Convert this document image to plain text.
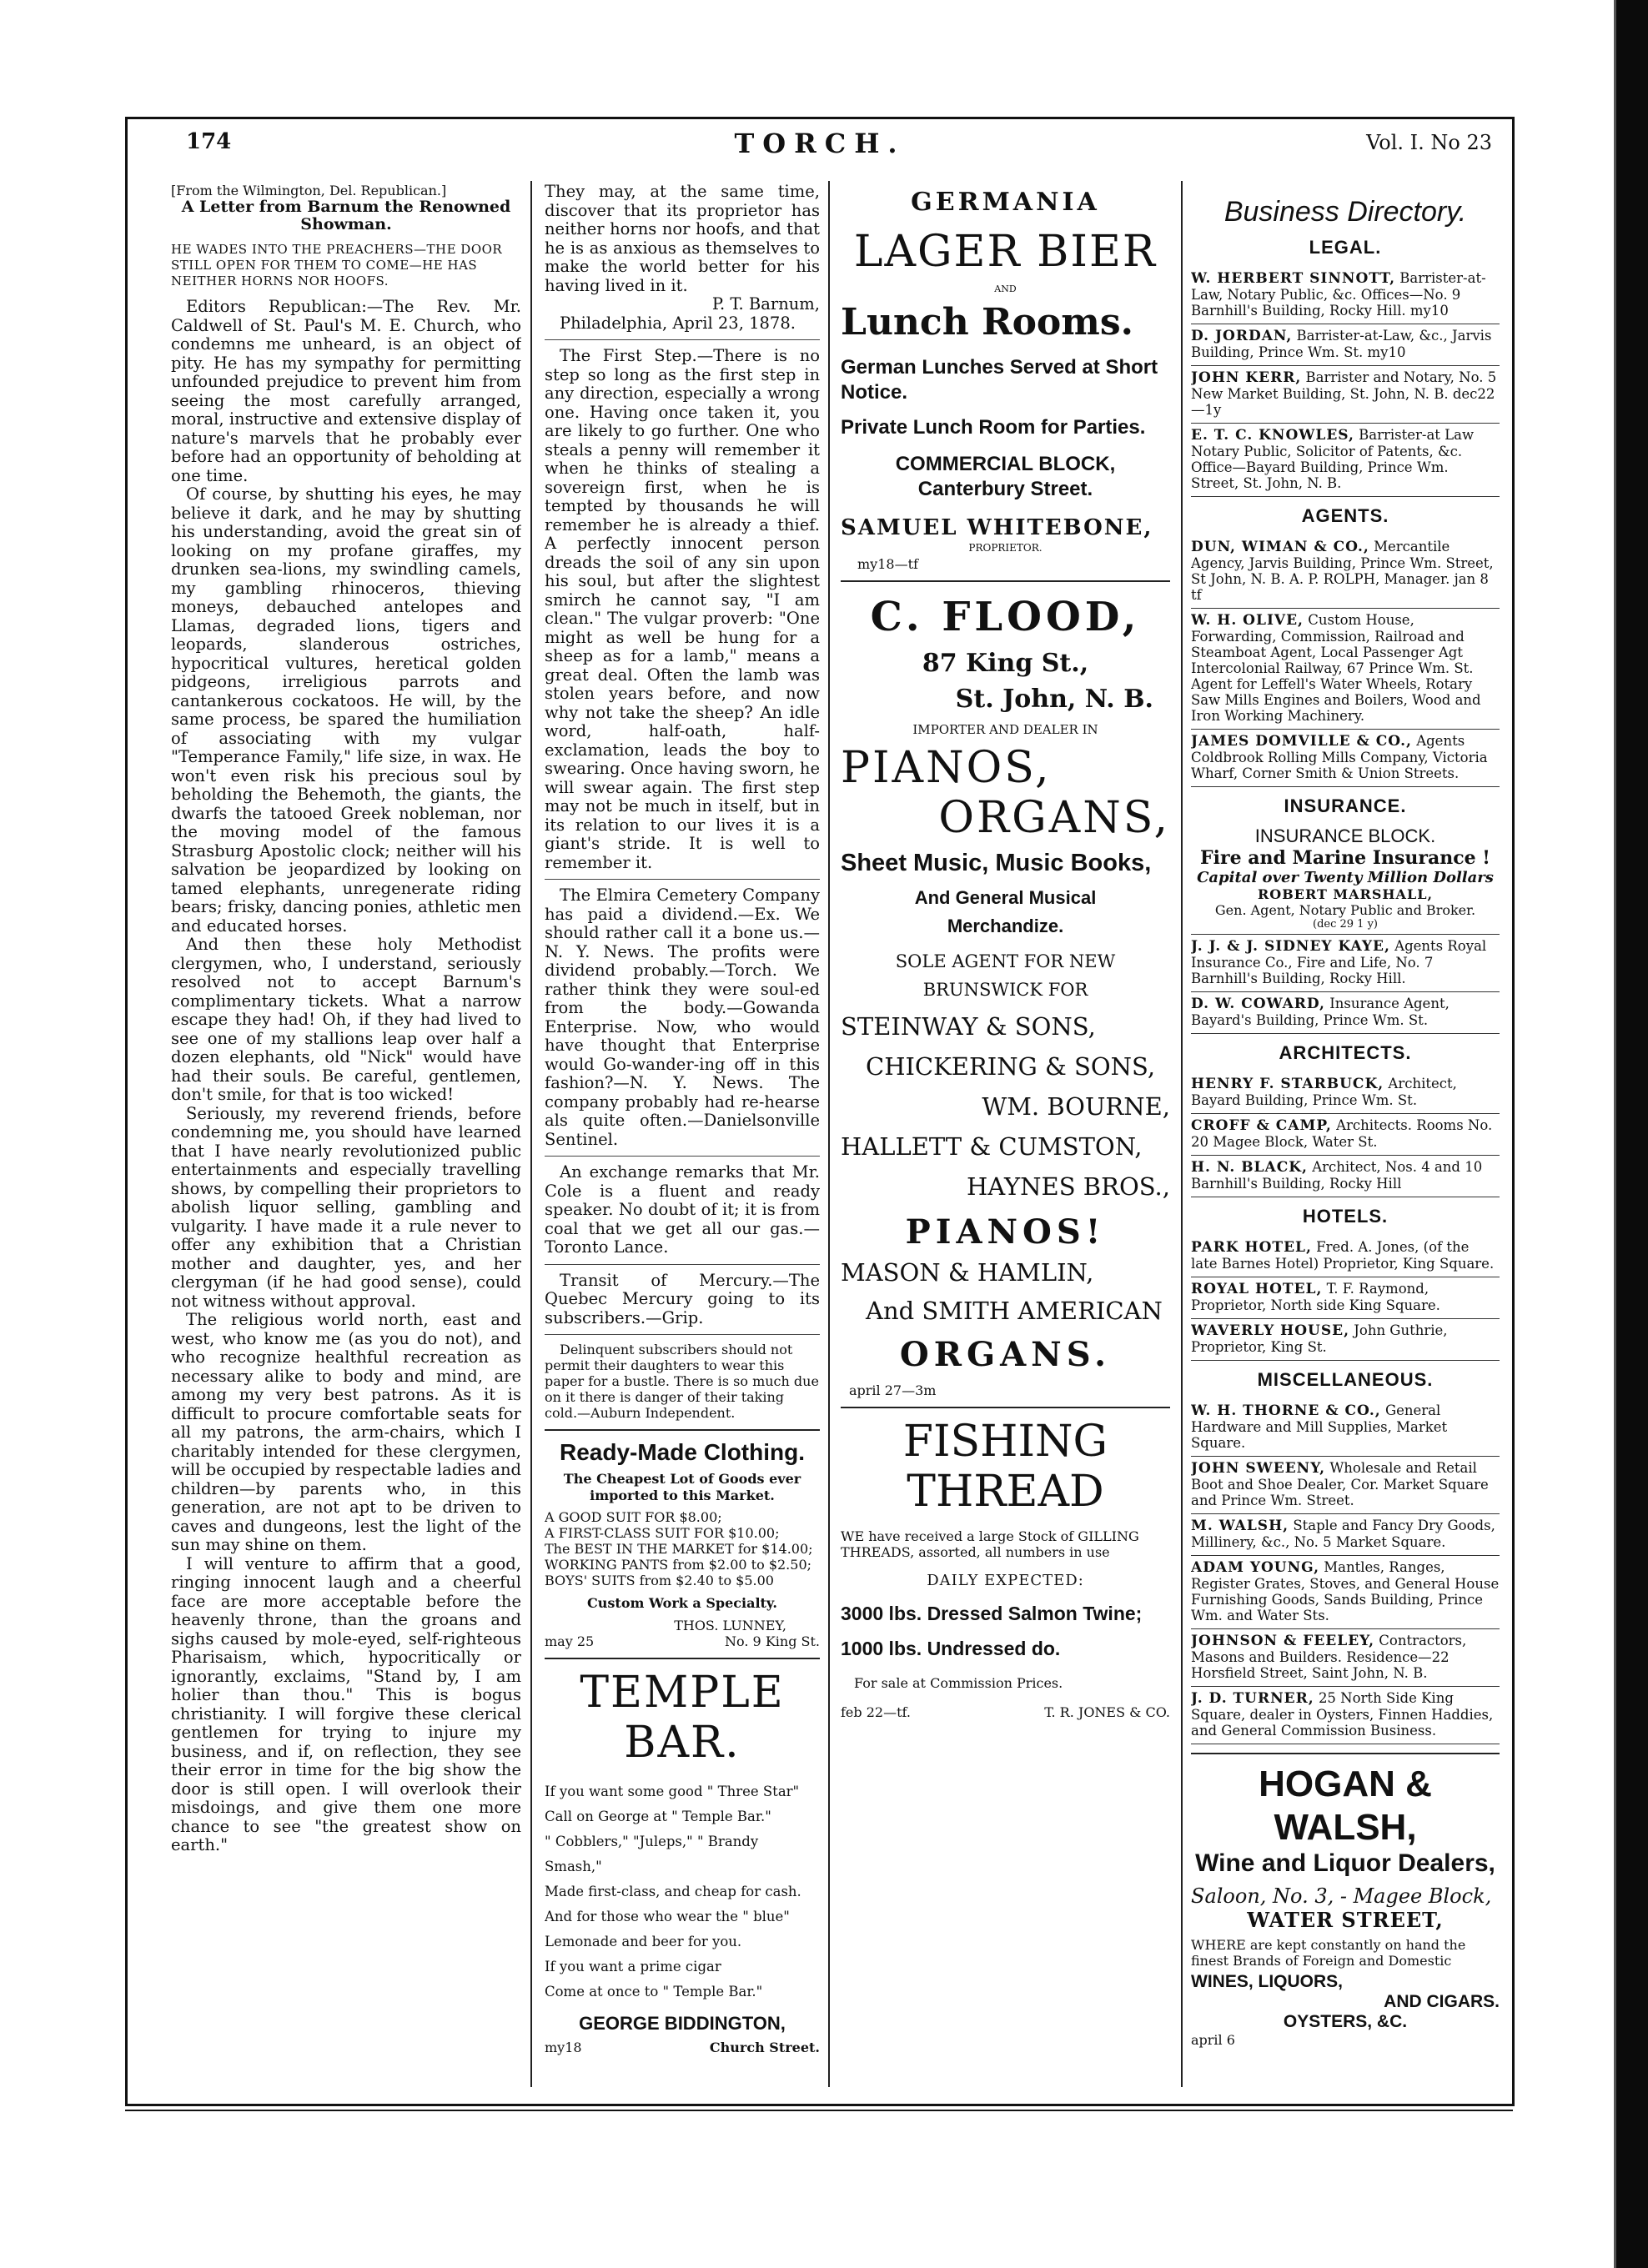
174	TORCH.	Vol. I. No 23

[From the Wilmington, Del. Republican.]

A Letter from Barnum the Renowned Showman.

HE WADES INTO THE PREACHERS—THE DOOR STILL OPEN FOR THEM TO COME—HE HAS NEITHER HORNS NOR HOOFS.

Editors Republican:—The Rev. Mr. Caldwell of St. Paul's M. E. Church, who condemns me unheard, is an object of pity. He has my sympathy for permitting unfounded prejudice to prevent him from seeing the most carefully arranged, moral, instructive and extensive display of nature's marvels that he probably ever before had an opportunity of beholding at one time.

Of course, by shutting his eyes, he may believe it dark, and he may by shutting his understanding, avoid the great sin of looking on my profane giraffes, my drunken sea-lions, my swindling camels, my gambling rhinoceros, thieving moneys, debauched antelopes and Llamas, degraded lions, tigers and leopards, slanderous ostriches, hypocritical vultures, heretical golden pidgeons, irreligious parrots and cantankerous cockatoos. He will, by the same process, be spared the humiliation of associating with my vulgar "Temperance Family," life size, in wax. He won't even risk his precious soul by beholding the Behemoth, the giants, the dwarfs the tatooed Greek nobleman, nor the moving model of the famous Strasburg Apostolic clock; neither will his salvation be jeopardized by looking on tamed elephants, unregenerate riding bears; frisky, dancing ponies, athletic men and educated horses.

And then these holy Methodist clergymen, who, I understand, seriously resolved not to accept Barnum's complimentary tickets. What a narrow escape they had! Oh, if they had lived to see one of my stallions leap over half a dozen elephants, old "Nick" would have had their souls. Be careful, gentlemen, don't smile, for that is too wicked!

Seriously, my reverend friends, before condemning me, you should have learned that I have nearly revolutionized public entertainments and especially travelling shows, by compelling their proprietors to abolish liquor selling, gambling and vulgarity. I have made it a rule never to offer any exhibition that a Christian mother and daughter, yes, and her clergyman (if he had good sense), could not witness without approval.

The religious world north, east and west, who know me (as you do not), and who recognize healthful recreation as necessary alike to body and mind, are among my very best patrons. As it is difficult to procure comfortable seats for all my patrons, the arm-chairs, which I charitably intended for these clergymen, will be occupied by respectable ladies and children—by parents who, in this generation, are not apt to be driven to caves and dungeons, lest the light of the sun may shine on them.

I will venture to affirm that a good, ringing innocent laugh and a cheerful face are more acceptable before the heavenly throne, than the groans and sighs caused by mole-eyed, self-righteous Pharisaism, which, hypocritically or ignorantly, exclaims, "Stand by, I am holier than thou." This is bogus christianity. I will forgive these clerical gentlemen for trying to injure my business, and if, on reflection, they see their error in time for the big show the door is still open. I will overlook their misdoings, and give them one more chance to see "the greatest show on earth."

They may, at the same time, discover that its proprietor has neither horns nor hoofs, and that he is as anxious as themselves to make the world better for his having lived in it.

P. T. Barnum,

Philadelphia, April 23, 1878.

The First Step.—There is no step so long as the first step in any direction, especially a wrong one. Having once taken it, you are likely to go further. One who steals a penny will remember it when he thinks of stealing a sovereign first, when he is tempted by thousands he will remember he is already a thief. A perfectly innocent person dreads the soil of any sin upon his soul, but after the slightest smirch he cannot say, "I am clean." The vulgar proverb: "One might as well be hung for a sheep as for a lamb," means a great deal. Often the lamb was stolen years before, and now why not take the sheep? An idle word, half-oath, half-exclamation, leads the boy to swearing. Once having sworn, he will swear again. The first step may not be much in itself, but in its relation to our lives it is a giant's stride. It is well to remember it.

The Elmira Cemetery Company has paid a dividend.—Ex. We should rather call it a bone us.—N. Y. News. The profits were dividend probably.—Torch. We rather think they were soul-ed from the body.—Gowanda Enterprise. Now, who would have thought that Enterprise would Go-wander-ing off in this fashion?—N. Y. News. The company probably had re-hearse als quite often.—Danielsonville Sentinel.

An exchange remarks that Mr. Cole is a fluent and ready speaker. No doubt of it; it is from coal that we get all our gas.—Toronto Lance.

Transit of Mercury.—The Quebec Mercury going to its subscribers.—Grip.

Delinquent subscribers should not permit their daughters to wear this paper for a bustle. There is so much due on it there is danger of their taking cold.—Auburn Independent.

Ready-Made Clothing.

The Cheapest Lot of Goods ever imported to this Market.

A GOOD SUIT FOR $8.00;

A FIRST-CLASS SUIT FOR $10.00;

The BEST IN THE MARKET for $14.00;

WORKING PANTS from $2.00 to $2.50;

BOYS' SUITS from $2.40 to $5.00

Custom Work a Specialty.

THOS. LUNNEY,

may 25	No. 9 King St.

TEMPLE BAR.

If you want some good " Three Star"

Call on George at " Temple Bar."

" Cobblers," "Juleps," " Brandy Smash,"

Made first-class, and cheap for cash.

And for those who wear the " blue"

Lemonade and beer for you.

If you want a prime cigar

Come at once to " Temple Bar."

GEORGE BIDDINGTON,

my18	Church Street.

GERMANIA

LAGER BIER

AND

Lunch Rooms.

German Lunches Served at Short Notice.

Private Lunch Room for Parties.

COMMERCIAL BLOCK,

Canterbury Street.

SAMUEL WHITEBONE,

PROPRIETOR.

my18—tf

C. FLOOD,

87 King St.,

St. John, N. B.

IMPORTER AND DEALER IN

PIANOS,

ORGANS,

Sheet Music, Music Books,

And General Musical

Merchandize.

SOLE AGENT FOR NEW BRUNSWICK FOR

STEINWAY & SONS,

CHICKERING & SONS,

WM. BOURNE,

HALLETT & CUMSTON,

HAYNES BROS.,

PIANOS!

MASON & HAMLIN,

And SMITH AMERICAN

ORGANS.

april 27—3m

FISHING THREAD

WE have received a large Stock of GILLING THREADS, assorted, all numbers in use

DAILY EXPECTED:

3000 lbs. Dressed Salmon Twine;

1000 lbs. Undressed do.

For sale at Commission Prices.

feb 22—tf.	T. R. JONES & CO.

Business Directory.

LEGAL.

W. HERBERT SINNOTT, Barrister-at-Law, Notary Public, &c. Offices—No. 9 Barnhill's Building, Rocky Hill. my10
D. JORDAN, Barrister-at-Law, &c., Jarvis Building, Prince Wm. St. my10
JOHN KERR, Barrister and Notary, No. 5 New Market Building, St. John, N. B. dec22—1y
E. T. C. KNOWLES, Barrister-at Law Notary Public, Solicitor of Patents, &c. Office—Bayard Building, Prince Wm. Street, St. John, N. B.

AGENTS.

DUN, WIMAN & CO., Mercantile Agency, Jarvis Building, Prince Wm. Street, St John, N. B. A. P. ROLPH, Manager. jan 8 tf
W. H. OLIVE, Custom House, Forwarding, Commission, Railroad and Steamboat Agent, Local Passenger Agt Intercolonial Railway, 67 Prince Wm. St. Agent for Leffell's Water Wheels, Rotary Saw Mills Engines and Boilers, Wood and Iron Working Machinery.
JAMES DOMVILLE & CO., Agents Coldbrook Rolling Mills Company, Victoria Wharf, Corner Smith & Union Streets.

INSURANCE.

INSURANCE BLOCK.

Fire and Marine Insurance !

Capital over Twenty Million Dollars

ROBERT MARSHALL,

Gen. Agent, Notary Public and Broker.

(dec 29 1 y)

J. J. & J. SIDNEY KAYE, Agents Royal Insurance Co., Fire and Life, No. 7 Barnhill's Building, Rocky Hill.
D. W. COWARD, Insurance Agent, Bayard's Building, Prince Wm. St.

ARCHITECTS.

HENRY F. STARBUCK, Architect, Bayard Building, Prince Wm. St.
CROFF & CAMP, Architects. Rooms No. 20 Magee Block, Water St.
H. N. BLACK, Architect, Nos. 4 and 10 Barnhill's Building, Rocky Hill

HOTELS.

PARK HOTEL, Fred. A. Jones, (of the late Barnes Hotel) Proprietor, King Square.
ROYAL HOTEL, T. F. Raymond, Proprietor, North side King Square.
WAVERLY HOUSE, John Guthrie, Proprietor, King St.

MISCELLANEOUS.

W. H. THORNE & CO., General Hardware and Mill Supplies, Market Square.
JOHN SWEENY, Wholesale and Retail Boot and Shoe Dealer, Cor. Market Square and Prince Wm. Street.
M. WALSH, Staple and Fancy Dry Goods, Millinery, &c., No. 5 Market Square.
ADAM YOUNG, Mantles, Ranges, Register Grates, Stoves, and General House Furnishing Goods, Sands Building, Prince Wm. and Water Sts.
JOHNSON & FEELEY, Contractors, Masons and Builders. Residence—22 Horsfield Street, Saint John, N. B.
J. D. TURNER, 25 North Side King Square, dealer in Oysters, Finnen Haddies, and General Commission Business.

HOGAN & WALSH,

Wine and Liquor Dealers,

Saloon, No. 3, - Magee Block,

WATER STREET,

WHERE are kept constantly on hand the finest Brands of Foreign and Domestic

WINES, LIQUORS,

AND CIGARS.

OYSTERS, &C.

april 6
